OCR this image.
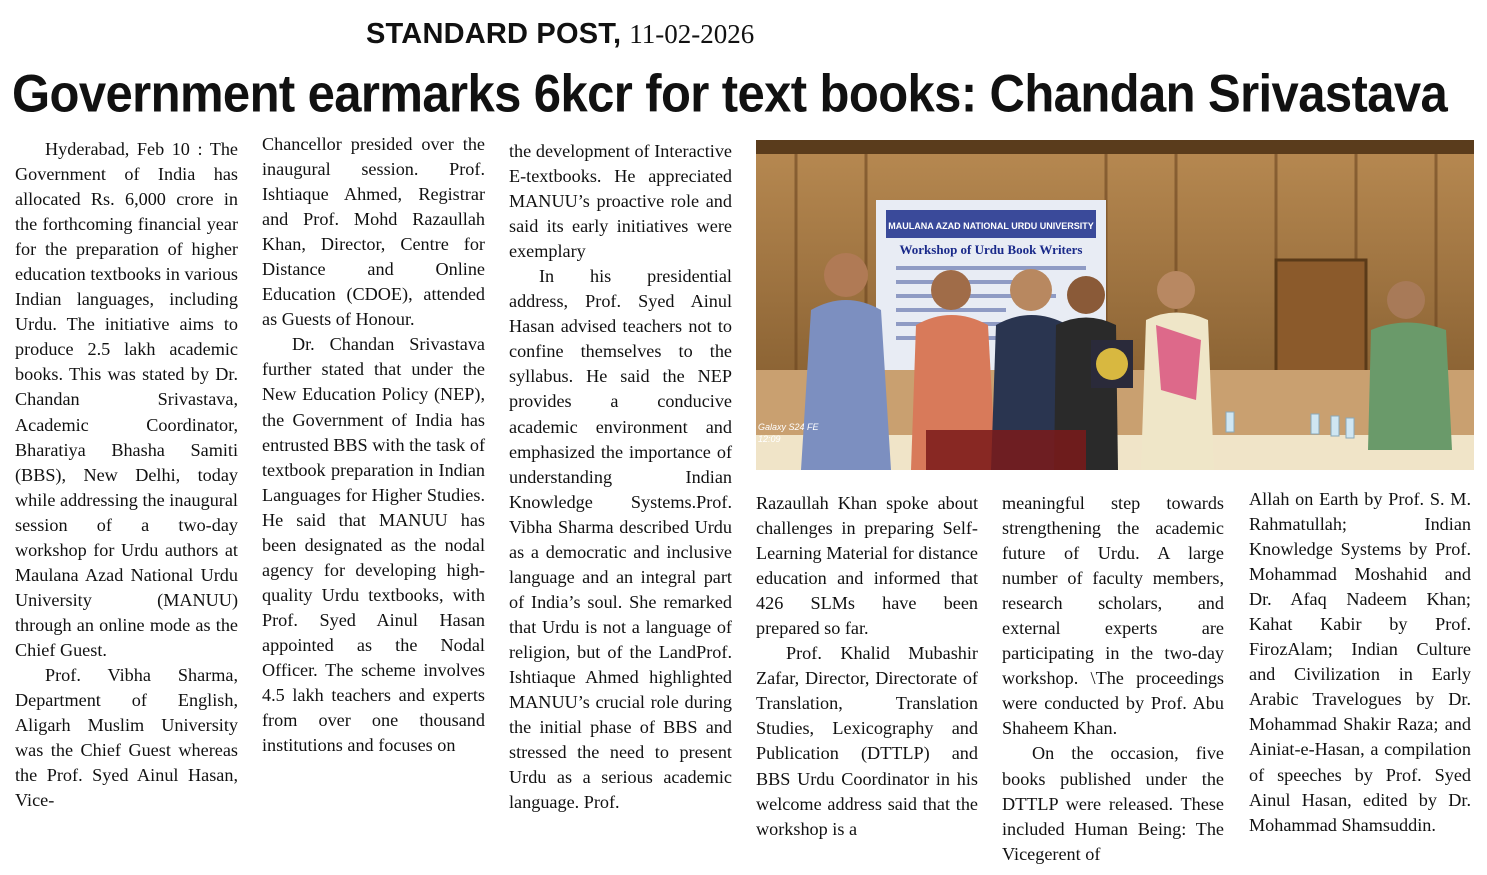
STANDARD POST, 11-02-2026
Government earmarks 6kcr for text books: Chandan Srivastava

Hyderabad, Feb 10 : The Government of India has allocated Rs. 6,000 crore in the forthcoming financial year for the preparation of higher education textbooks in various Indian languages, including Urdu. The initiative aims to produce 2.5 lakh academic books. This was stated by Dr. Chandan Srivastava, Academic Coordinator, Bharatiya Bhasha Samiti (BBS), New Delhi, today while addressing the inaugural session of a two-day workshop for Urdu authors at Maulana Azad National Urdu University (MANUU) through an online mode as the Chief Guest.

Prof. Vibha Sharma, Department of English, Aligarh Muslim University was the Chief Guest whereas the Prof. Syed Ainul Hasan, Vice-

Chancellor presided over the inaugural session. Prof. Ishtiaque Ahmed, Registrar and Prof. Mohd Razaullah Khan, Director, Centre for Distance and Online Education (CDOE), attended as Guests of Honour.

Dr. Chandan Srivastava further stated that under the New Education Policy (NEP), the Government of India has entrusted BBS with the task of textbook preparation in Indian Languages for Higher Studies. He said that MANUU has been designated as the nodal agency for developing high-quality Urdu textbooks, with Prof. Syed Ainul Hasan appointed as the Nodal Officer. The scheme involves 4.5 lakh teachers and experts from over one thousand institutions and focuses on

the development of Interactive E-textbooks. He appreciated MANUU’s proactive role and said its early initiatives were exemplary

In his presidential address, Prof. Syed Ainul Hasan advised teachers not to confine themselves to the syllabus. He said the NEP provides a conducive academic environment and emphasized the importance of understanding Indian Knowledge Systems.Prof. Vibha Sharma described Urdu as a democratic and inclusive language and an integral part of India’s soul. She remarked that Urdu is not a language of religion, but of the LandProf. Ishtiaque Ahmed highlighted MANUU’s crucial role during the initial phase of BBS and stressed the need to present Urdu as a serious academic language. Prof.

MAULANA AZAD NATIONAL URDU UNIVERSITY
Workshop of Urdu Book Writers
Galaxy S24 FE
12:09

Razaullah Khan spoke about challenges in preparing Self-Learning Material for distance education and informed that 426 SLMs have been prepared so far.

Prof. Khalid Mubashir Zafar, Director, Directorate of Translation, Translation Studies, Lexicography and Publication (DTTLP) and BBS Urdu Coordinator in his welcome address said that the workshop is a

meaningful step towards strengthening the academic future of Urdu. A large number of faculty members, research scholars, and external experts are participating in the two-day workshop. \The proceedings were conducted by Prof. Abu Shaheem Khan.

On the occasion, five books published under the DTTLP were released. These included Human Being: The Vicegerent of

Allah on Earth by Prof. S. M. Rahmatullah; Indian Knowledge Systems by Prof. Mohammad Moshahid and Dr. Afaq Nadeem Khan; Kahat Kabir by Prof. FirozAlam; Indian Culture and Civilization in Early Arabic Travelogues by Dr. Mohammad Shakir Raza; and Ainiat-e-Hasan, a compilation of speeches by Prof. Syed Ainul Hasan, edited by Dr. Mohammad Shamsuddin.
